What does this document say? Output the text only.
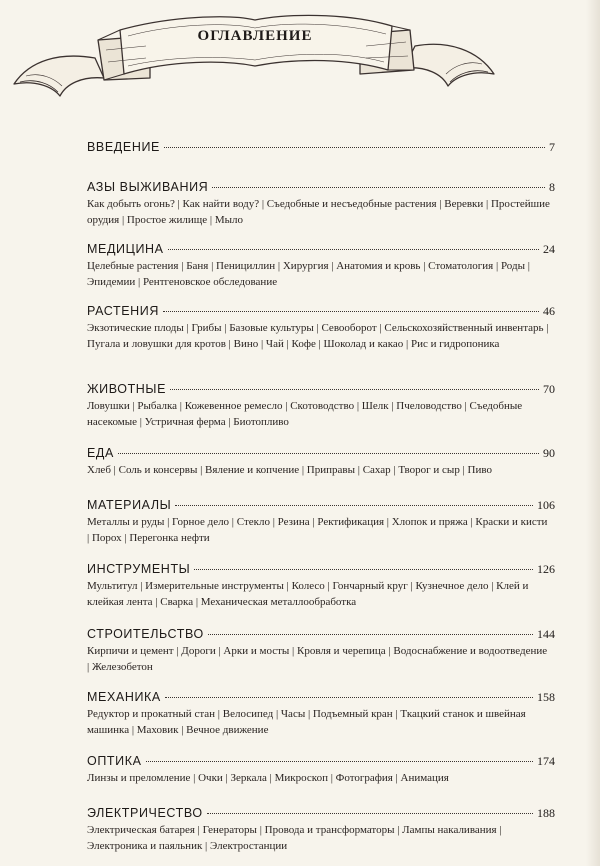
ОГЛАВЛЕНИЕ
ВВЕДЕНИЕ	7
АЗЫ ВЫЖИВАНИЯ	8
Как добыть огонь? | Как найти воду? | Съедобные и несъедобные растения | Веревки | Простейшие орудия | Простое жилище | Мыло
МЕДИЦИНА	24
Целебные растения | Баня | Пенициллин | Хирургия | Анатомия и кровь | Стоматология | Роды | Эпидемии | Рентгеновское обследование
РАСТЕНИЯ	46
Экзотические плоды | Грибы | Базовые культуры | Севооборот | Сельскохозяйственный инвентарь | Пугала и ловушки для кротов | Вино | Чай | Кофе | Шоколад и какао | Рис и гидропоника
ЖИВОТНЫЕ	70
Ловушки | Рыбалка | Кожевенное ремесло | Скотоводство | Шелк | Пчеловодство | Съедобные насекомые | Устричная ферма | Биотопливо
ЕДА	90
Хлеб | Соль и консервы | Вяление и копчение | Приправы | Сахар | Творог и сыр | Пиво
МАТЕРИАЛЫ	106
Металлы и руды | Горное дело | Стекло | Резина | Ректификация | Хлопок и пряжа | Краски и кисти | Порох | Перегонка нефти
ИНСТРУМЕНТЫ	126
Мультитул | Измерительные инструменты | Колесо | Гончарный круг | Кузнечное дело | Клей и клейкая лента | Сварка | Механическая металлообработка
СТРОИТЕЛЬСТВО	144
Кирпичи и цемент | Дороги | Арки и мосты | Кровля и черепица | Водоснабжение и водоотведение | Железобетон
МЕХАНИКА	158
Редуктор и прокатный стан | Велосипед | Часы | Подъемный кран | Ткацкий станок и швейная машинка | Маховик | Вечное движение
ОПТИКА	174
Линзы и преломление | Очки | Зеркала | Микроскоп | Фотография | Анимация
ЭЛЕКТРИЧЕСТВО	188
Электрическая батарея | Генераторы | Провода и трансформаторы | Лампы накаливания | Электроника и паяльник | Электростанции
